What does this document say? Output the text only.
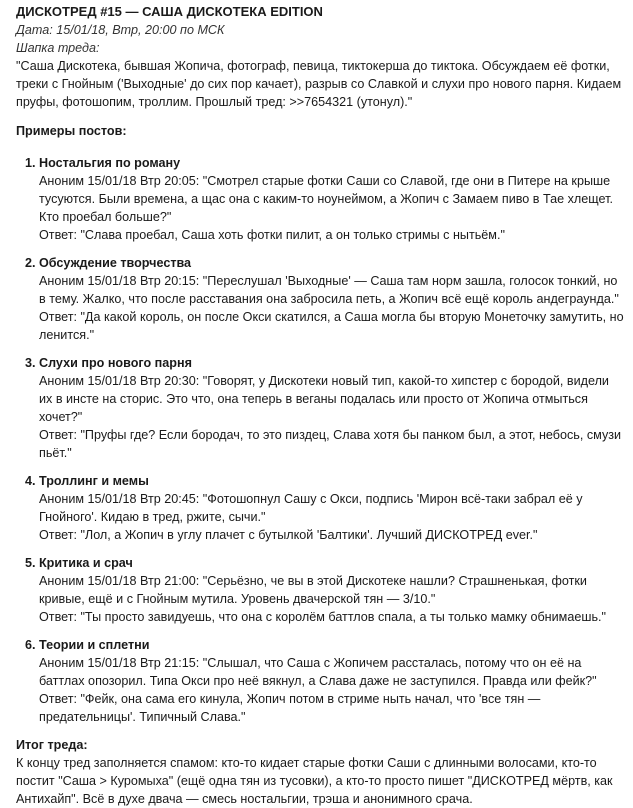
ДИСКОТРЕД #15 — САША ДИСКОТЕКА EDITION

Дата: 15/01/18, Втр, 20:00 по МСК

Шапка треда:

"Саша Дискотека, бывшая Жопича, фотограф, певица, тиктокерша до тиктока. Обсуждаем её фотки, треки с Гнойным ('Выходные' до сих пор качает), разрыв со Славкой и слухи про нового парня. Кидаем пруфы, фотошопим, троллим. Прошлый тред: >>7654321 (утонул)."

Примеры постов:

1. Ностальгия по роману
Аноним 15/01/18 Втр 20:05: "Смотрел старые фотки Саши со Славой, где они в Питере на крыше тусуются. Были времена, а щас она с каким-то ноунеймом, а Жопич с Замаем пиво в Тае хлещет. Кто проебал больше?"
Ответ: "Слава проебал, Саша хоть фотки пилит, а он только стримы с нытьём."
2. Обсуждение творчества
Аноним 15/01/18 Втр 20:15: "Переслушал 'Выходные' — Саша там норм зашла, голосок тонкий, но в тему. Жалко, что после расставания она забросила петь, а Жопич всё ещё король андеграунда."
Ответ: "Да какой король, он после Окси скатился, а Саша могла бы вторую Монеточку замутить, но ленится."
3. Слухи про нового парня
Аноним 15/01/18 Втр 20:30: "Говорят, у Дискотеки новый тип, какой-то хипстер с бородой, видели их в инсте на сторис. Это что, она теперь в веганы подалась или просто от Жопича отмыться хочет?"
Ответ: "Пруфы где? Если бородач, то это пиздец, Слава хотя бы панком был, а этот, небось, смузи пьёт."
4. Троллинг и мемы
Аноним 15/01/18 Втр 20:45: "Фотошопнул Сашу с Окси, подпись 'Мирон всё-таки забрал её у Гнойного'. Кидаю в тред, ржите, сычи."
Ответ: "Лол, а Жопич в углу плачет с бутылкой 'Балтики'. Лучший ДИСКОТРЕД ever."
5. Критика и срач
Аноним 15/01/18 Втр 21:00: "Серьёзно, че вы в этой Дискотеке нашли? Страшненькая, фотки кривые, ещё и с Гнойным мутила. Уровень двачерской тян — 3/10."
Ответ: "Ты просто завидуешь, что она с королём баттлов спала, а ты только мамку обнимаешь."
6. Теории и сплетни
Аноним 15/01/18 Втр 21:15: "Слышал, что Саша с Жопичем рассталась, потому что он её на баттлах опозорил. Типа Окси про неё вякнул, а Слава даже не заступился. Правда или фейк?"
Ответ: "Фейк, она сама его кинула, Жопич потом в стриме ныть начал, что 'все тян — предательницы'. Типичный Слава."

Итог треда:

К концу тред заполняется спамом: кто-то кидает старые фотки Саши с длинными волосами, кто-то постит "Саша > Куромыха" (ещё одна тян из тусовки), а кто-то просто пишет "ДИСКОТРЕД мёртв, как Антихайп". Всё в духе двача — смесь ностальгии, трэша и анонимного срача.
